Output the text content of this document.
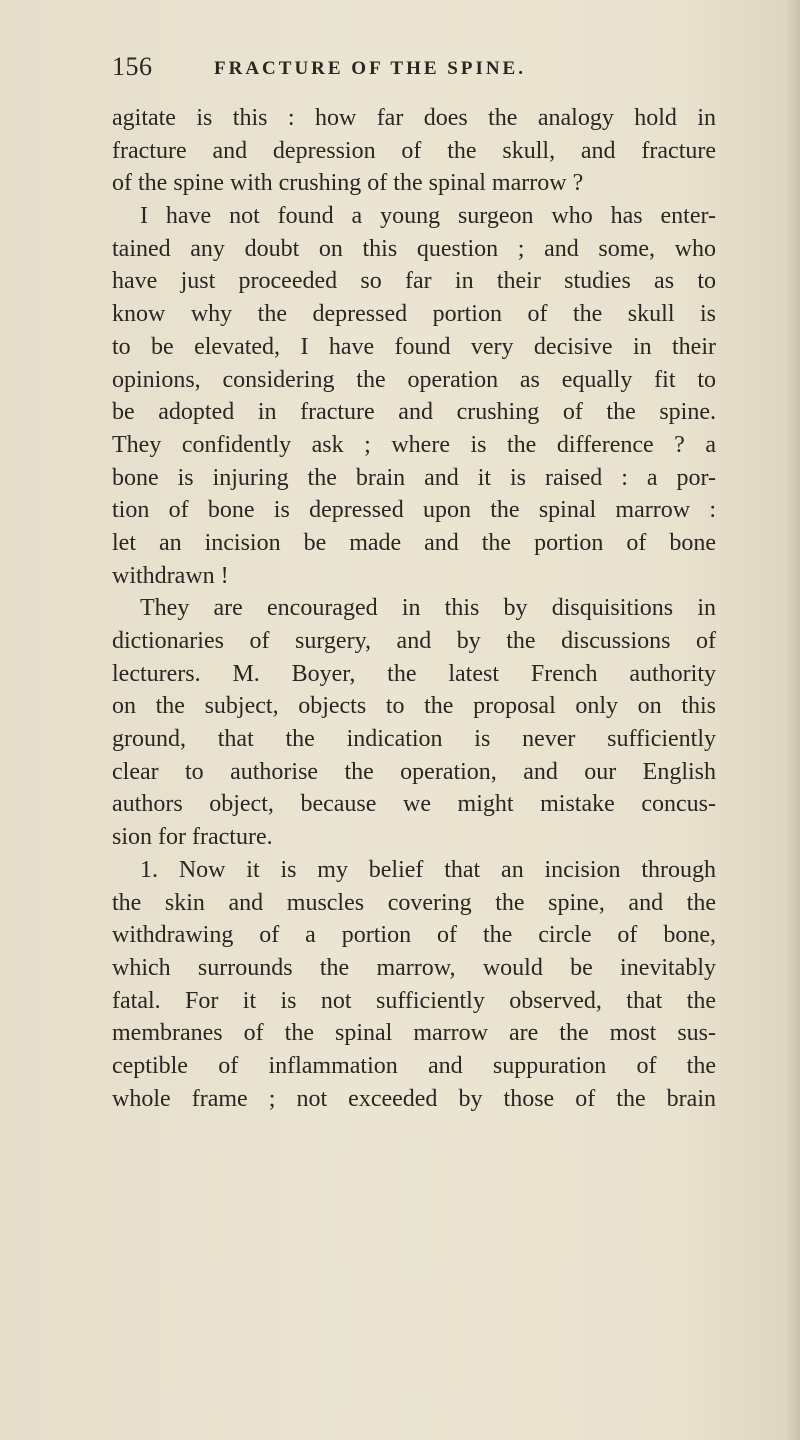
156	FRACTURE OF THE SPINE.
agitate is this : how far does the analogy hold in
fracture and depression of the skull, and fracture
of the spine with crushing of the spinal marrow ?
I have not found a young surgeon who has enter-
tained any doubt on this question ; and some, who
have just proceeded so far in their studies as to
know why the depressed portion of the skull is
to be elevated, I have found very decisive in their
opinions, considering the operation as equally fit to
be adopted in fracture and crushing of the spine.
They confidently ask ; where is the difference ? a
bone is injuring the brain and it is raised : a por-
tion of bone is depressed upon the spinal marrow :
let an incision be made and the portion of bone
withdrawn !
They are encouraged in this by disquisitions in
dictionaries of surgery, and by the discussions of
lecturers. M. Boyer, the latest French authority
on the subject, objects to the proposal only on this
ground, that the indication is never sufficiently
clear to authorise the operation, and our English
authors object, because we might mistake concus-
sion for fracture.
1. Now it is my belief that an incision through
the skin and muscles covering the spine, and the
withdrawing of a portion of the circle of bone,
which surrounds the marrow, would be inevitably
fatal. For it is not sufficiently observed, that the
membranes of the spinal marrow are the most sus-
ceptible of inflammation and suppuration of the
whole frame ; not exceeded by those of the brain
